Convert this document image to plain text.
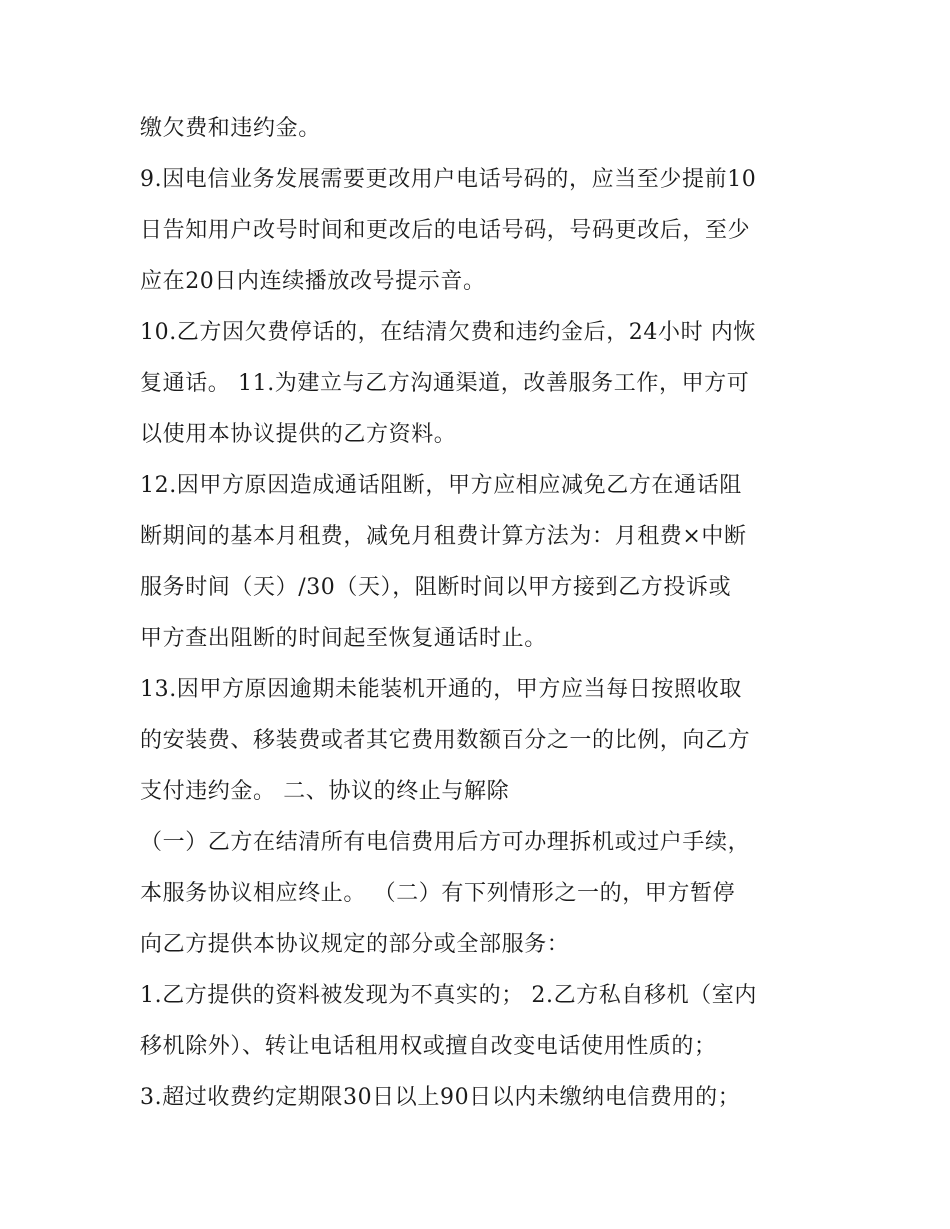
缴欠费和违约金。
9.因电信业务发展需要更改用户电话号码的，应当至少提前10
日告知用户改号时间和更改后的电话号码，号码更改后，至少
应在20日内连续播放改号提示音。
10.乙方因欠费停话的，在结清欠费和违约金后，24小时 内恢
复通话。 11.为建立与乙方沟通渠道，改善服务工作，甲方可
以使用本协议提供的乙方资料。
12.因甲方原因造成通话阻断，甲方应相应减免乙方在通话阻
断期间的基本月租费，减免月租费计算方法为：月租费×中断
服务时间（天）/30（天），阻断时间以甲方接到乙方投诉或
甲方查出阻断的时间起至恢复通话时止。
13.因甲方原因逾期未能装机开通的，甲方应当每日按照收取
的安装费、移装费或者其它费用数额百分之一的比例，向乙方
支付违约金。 二、协议的终止与解除
（一）乙方在结清所有电信费用后方可办理拆机或过户手续，
本服务协议相应终止。 （二）有下列情形之一的，甲方暂停
向乙方提供本协议规定的部分或全部服务：
1.乙方提供的资料被发现为不真实的； 2.乙方私自移机（室内
移机除外）、转让电话租用权或擅自改变电话使用性质的；
3.超过收费约定期限30日以上90日以内未缴纳电信费用的；
